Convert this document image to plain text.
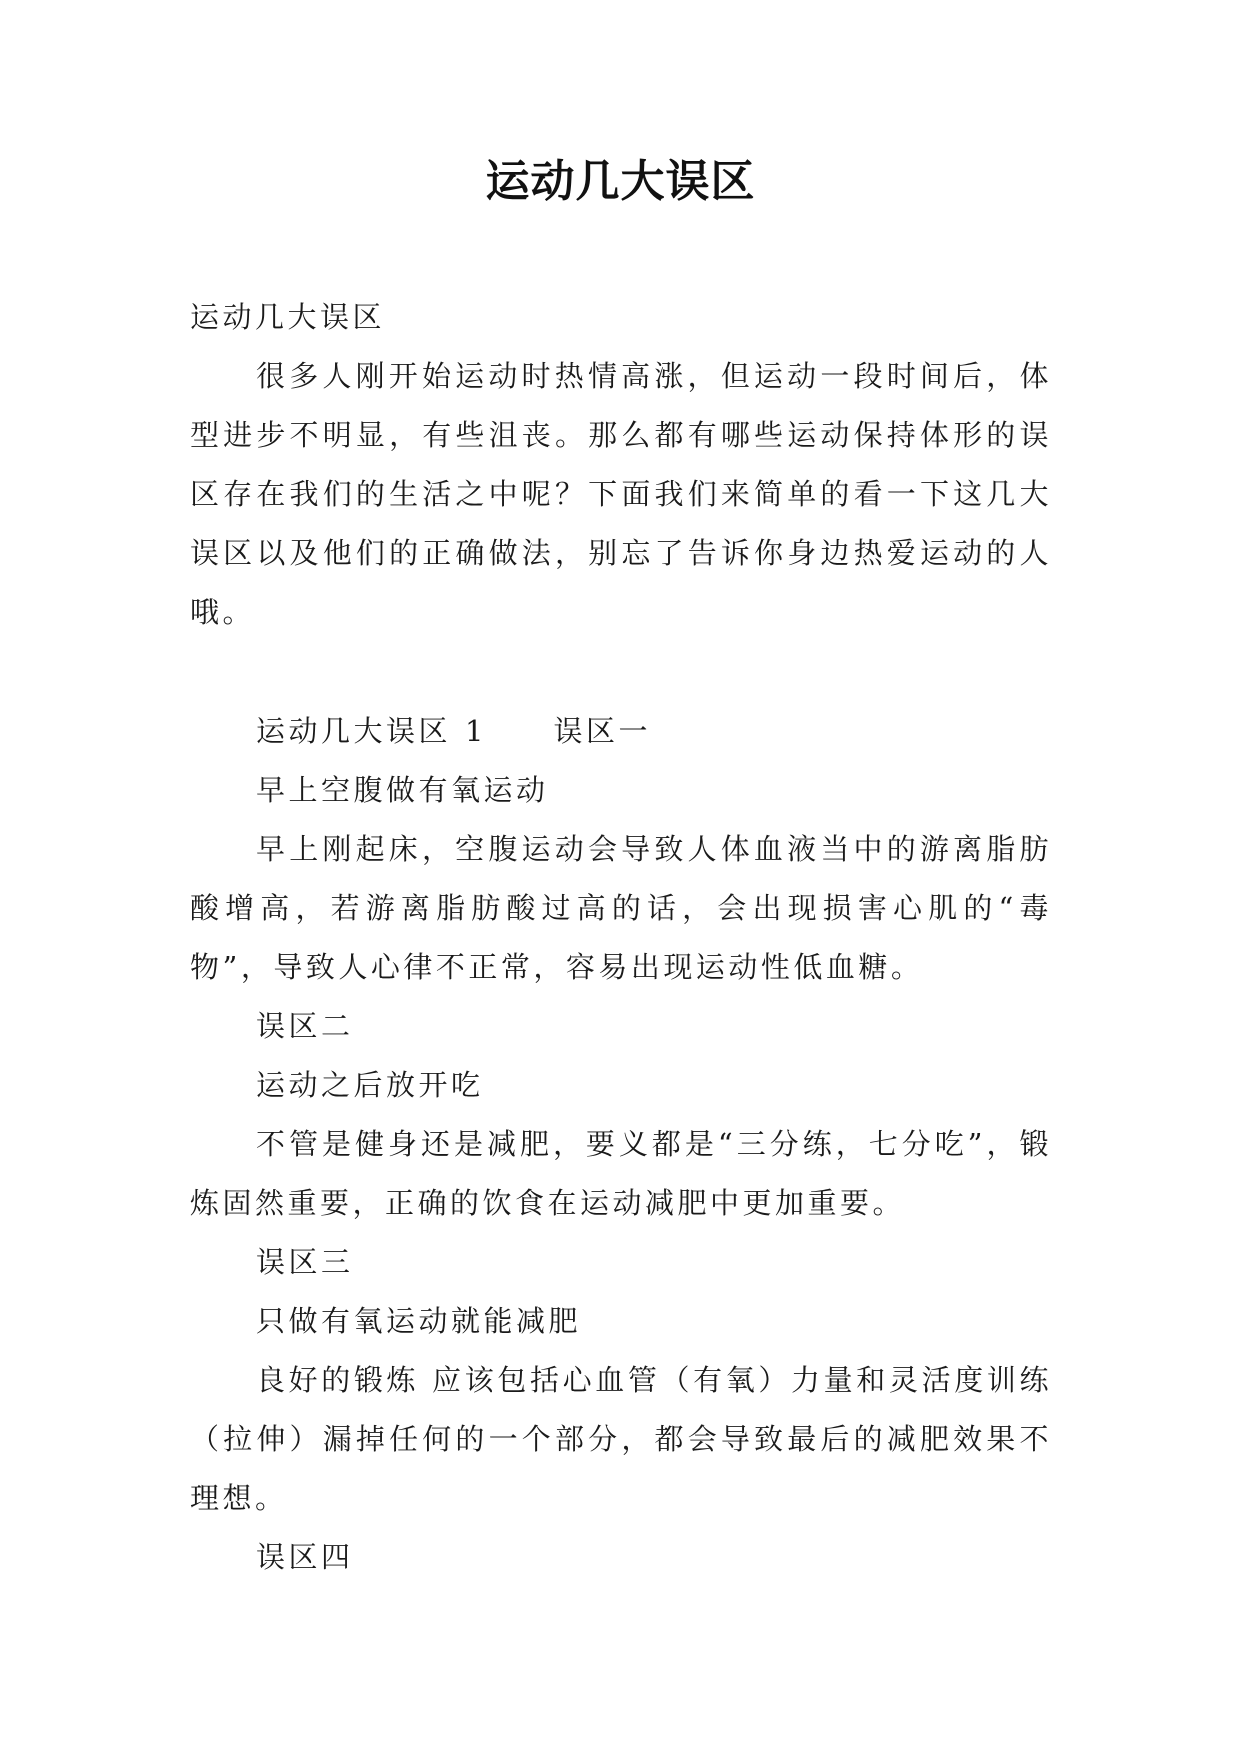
运动几大误区

运动几大误区

很多人刚开始运动时热情高涨，但运动一段时间后，体型进步不明显，有些沮丧。那么都有哪些运动保持体形的误区存在我们的生活之中呢？下面我们来简单的看一下这几大误区以及他们的正确做法，别忘了告诉你身边热爱运动的人哦。

运动几大误区 1 误区一

早上空腹做有氧运动

早上刚起床，空腹运动会导致人体血液当中的游离脂肪酸增高，若游离脂肪酸过高的话，会出现损害心肌的“毒物”，导致人心律不正常，容易出现运动性低血糖。

误区二

运动之后放开吃

不管是健身还是减肥，要义都是“三分练，七分吃”，锻炼固然重要，正确的饮食在运动减肥中更加重要。

误区三

只做有氧运动就能减肥

良好的锻炼 应该包括心血管（有氧）力量和灵活度训练（拉伸）漏掉任何的一个部分，都会导致最后的减肥效果不理想。

误区四
